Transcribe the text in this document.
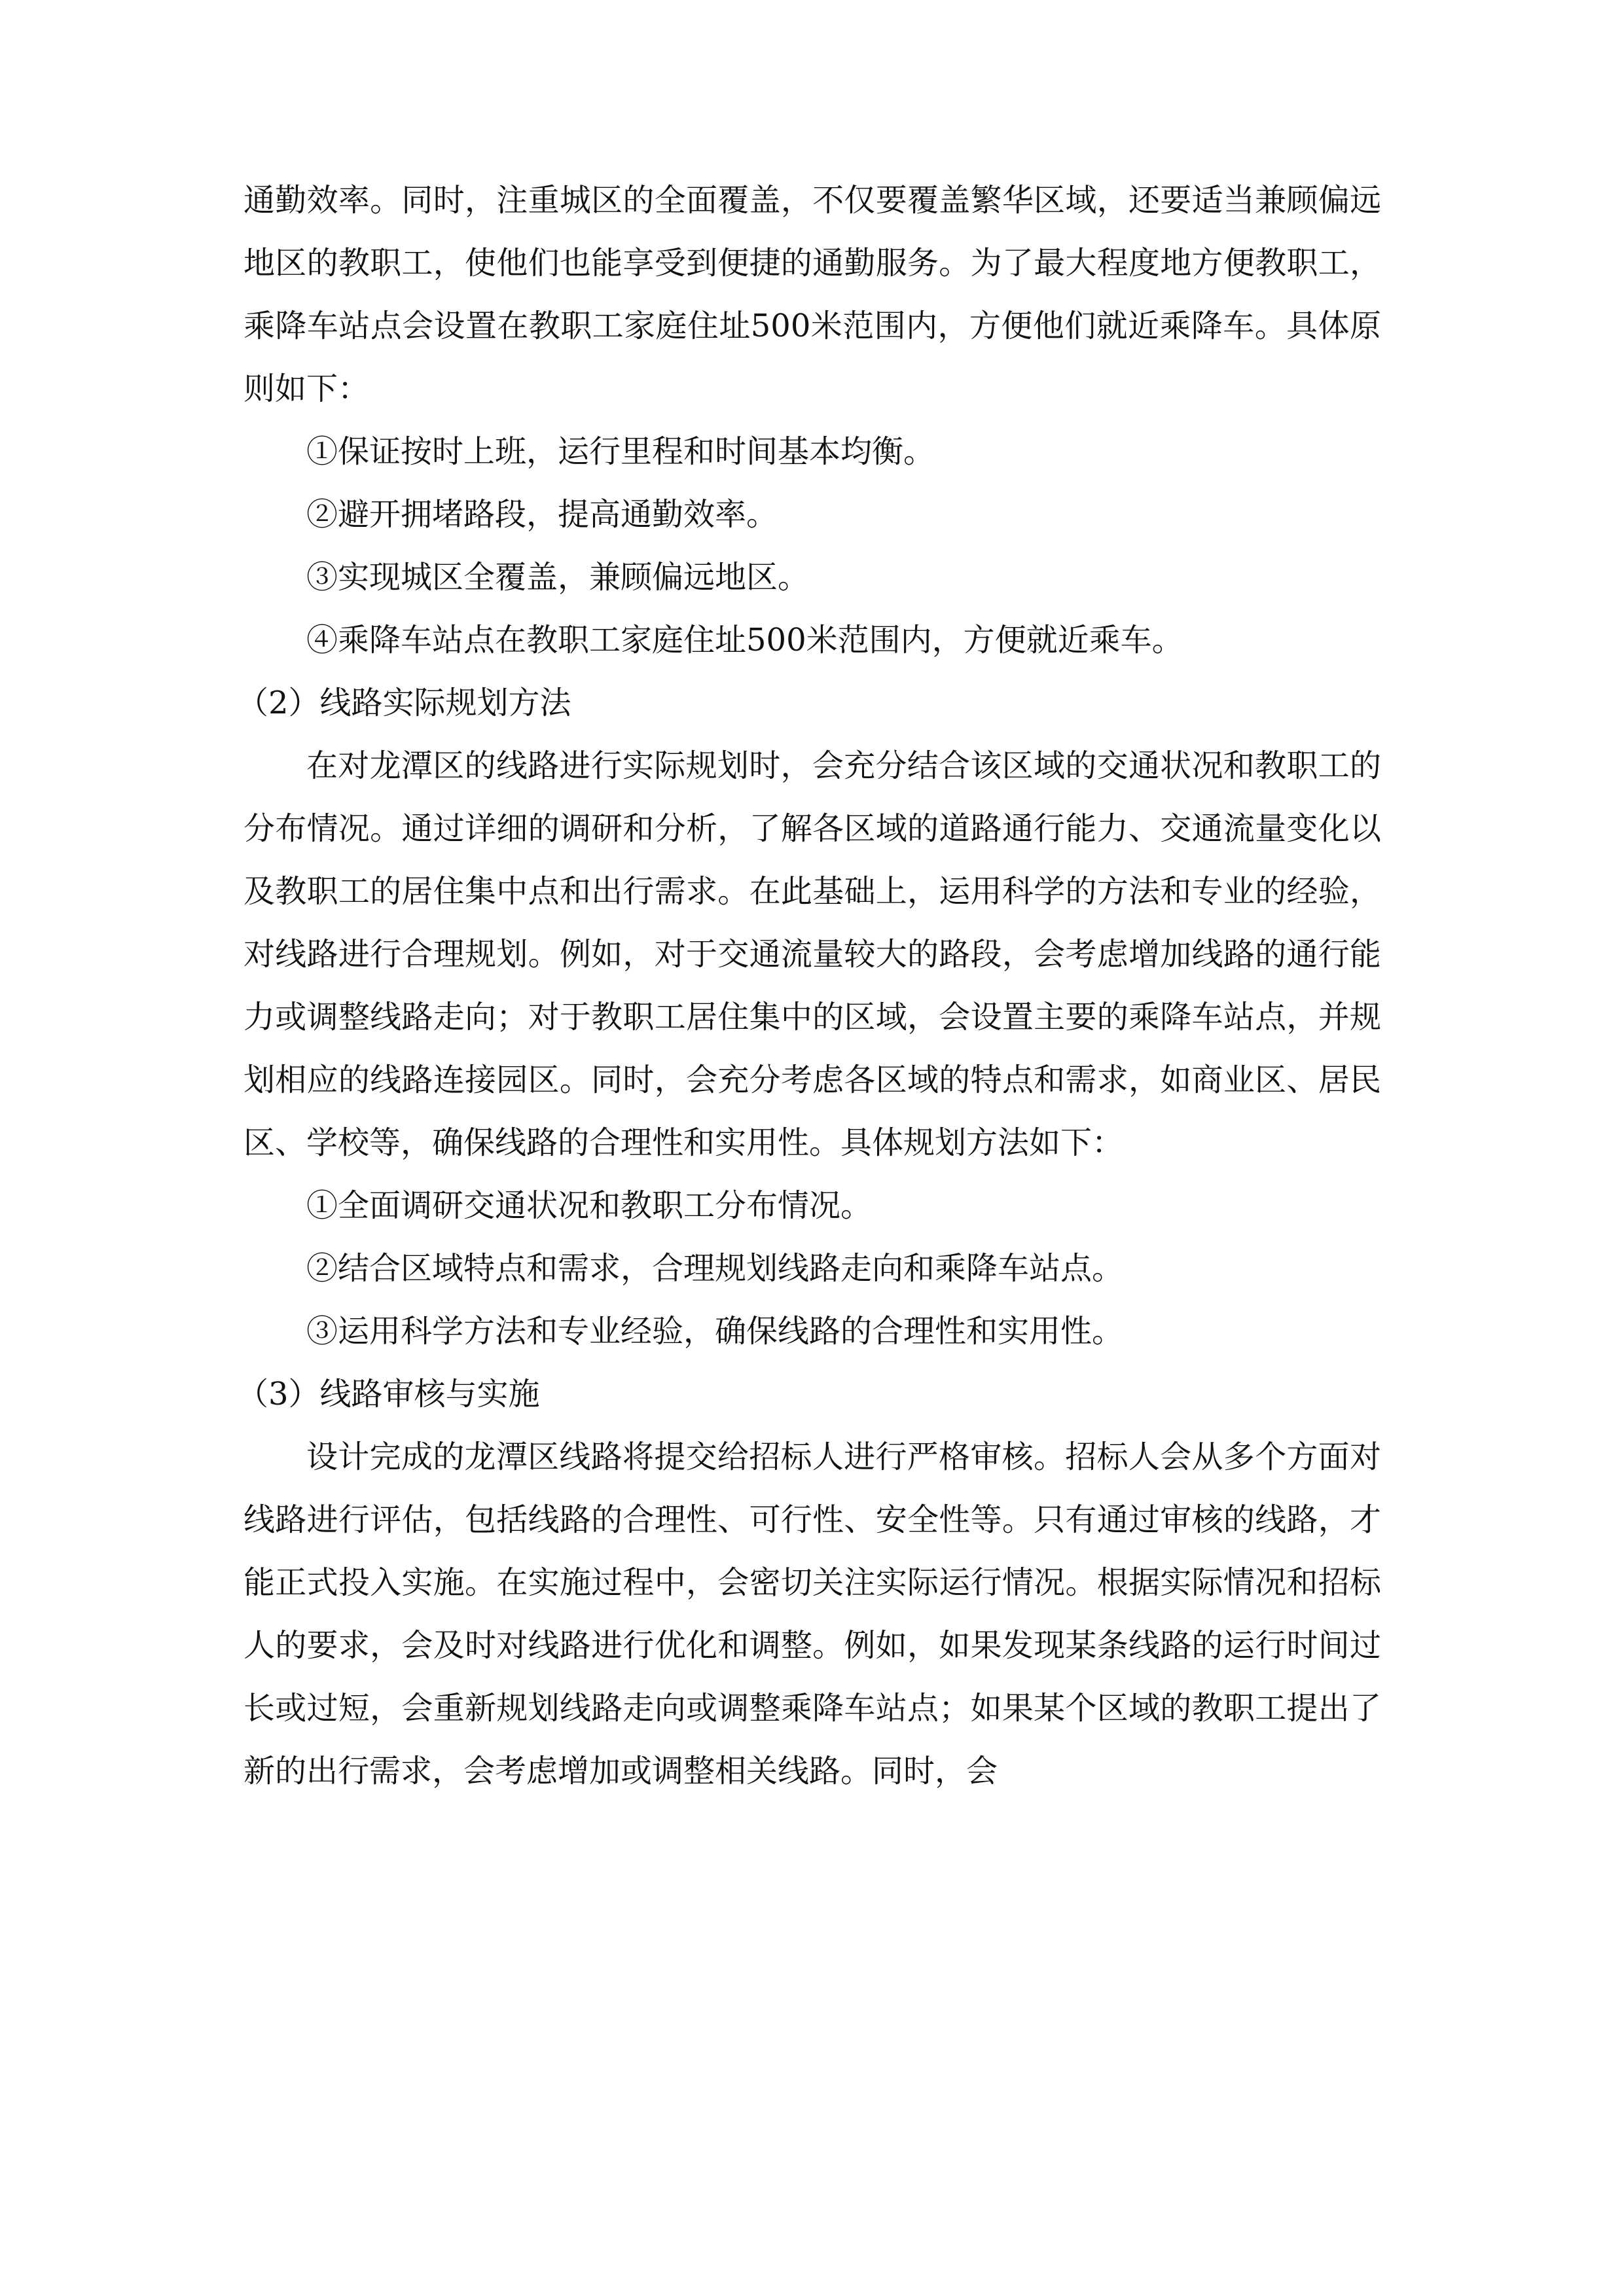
通勤效率。同时，注重城区的全面覆盖，不仅要覆盖繁华区域，还要适当兼顾偏远地区的教职工，使他们也能享受到便捷的通勤服务。为了最大程度地方便教职工，乘降车站点会设置在教职工家庭住址500米范围内，方便他们就近乘降车。具体原则如下：

①保证按时上班，运行里程和时间基本均衡。

②避开拥堵路段，提高通勤效率。

③实现城区全覆盖，兼顾偏远地区。

④乘降车站点在教职工家庭住址500米范围内，方便就近乘车。

（2）线路实际规划方法

在对龙潭区的线路进行实际规划时，会充分结合该区域的交通状况和教职工的分布情况。通过详细的调研和分析，了解各区域的道路通行能力、交通流量变化以及教职工的居住集中点和出行需求。在此基础上，运用科学的方法和专业的经验，对线路进行合理规划。例如，对于交通流量较大的路段，会考虑增加线路的通行能力或调整线路走向；对于教职工居住集中的区域，会设置主要的乘降车站点，并规划相应的线路连接园区。同时，会充分考虑各区域的特点和需求，如商业区、居民区、学校等，确保线路的合理性和实用性。具体规划方法如下：

①全面调研交通状况和教职工分布情况。

②结合区域特点和需求，合理规划线路走向和乘降车站点。

③运用科学方法和专业经验，确保线路的合理性和实用性。

（3）线路审核与实施

设计完成的龙潭区线路将提交给招标人进行严格审核。招标人会从多个方面对线路进行评估，包括线路的合理性、可行性、安全性等。只有通过审核的线路，才能正式投入实施。在实施过程中，会密切关注实际运行情况。根据实际情况和招标人的要求，会及时对线路进行优化和调整。例如，如果发现某条线路的运行时间过长或过短，会重新规划线路走向或调整乘降车站点；如果某个区域的教职工提出了新的出行需求，会考虑增加或调整相关线路。同时，会
